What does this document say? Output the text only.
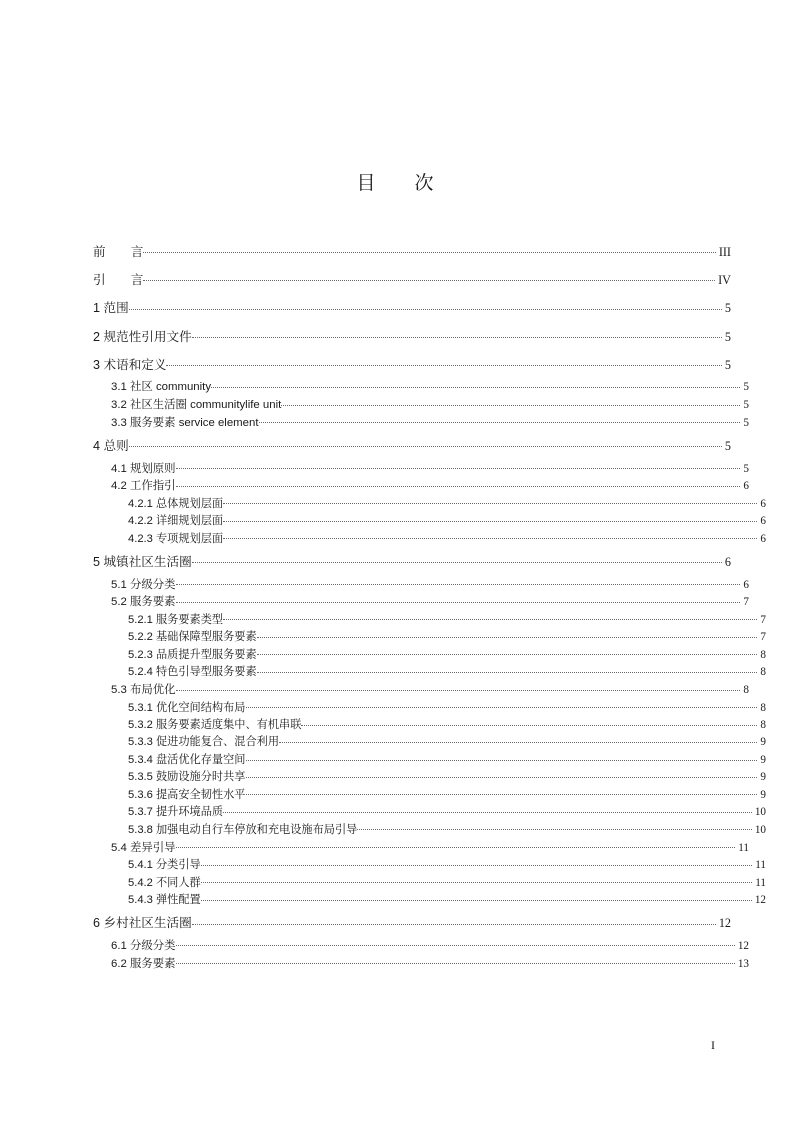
目　次
前　　言	III
引　　言	IV
1 范围	5
2 规范性引用文件	5
3 术语和定义	5
3.1 社区 community	5
3.2 社区生活圈 communitylife unit	5
3.3 服务要素 service element	5
4 总则	5
4.1 规划原则	5
4.2 工作指引	6
4.2.1 总体规划层面	6
4.2.2 详细规划层面	6
4.2.3 专项规划层面	6
5 城镇社区生活圈	6
5.1 分级分类	6
5.2 服务要素	7
5.2.1 服务要素类型	7
5.2.2 基础保障型服务要素	7
5.2.3 品质提升型服务要素	8
5.2.4 特色引导型服务要素	8
5.3 布局优化	8
5.3.1 优化空间结构布局	8
5.3.2 服务要素适度集中、有机串联	8
5.3.3 促进功能复合、混合利用	9
5.3.4 盘活优化存量空间	9
5.3.5 鼓励设施分时共享	9
5.3.6 提高安全韧性水平	9
5.3.7 提升环境品质	10
5.3.8 加强电动自行车停放和充电设施布局引导	10
5.4 差异引导	11
5.4.1 分类引导	11
5.4.2 不同人群	11
5.4.3 弹性配置	12
6 乡村社区生活圈	12
6.1 分级分类	12
6.2 服务要素	13
I
